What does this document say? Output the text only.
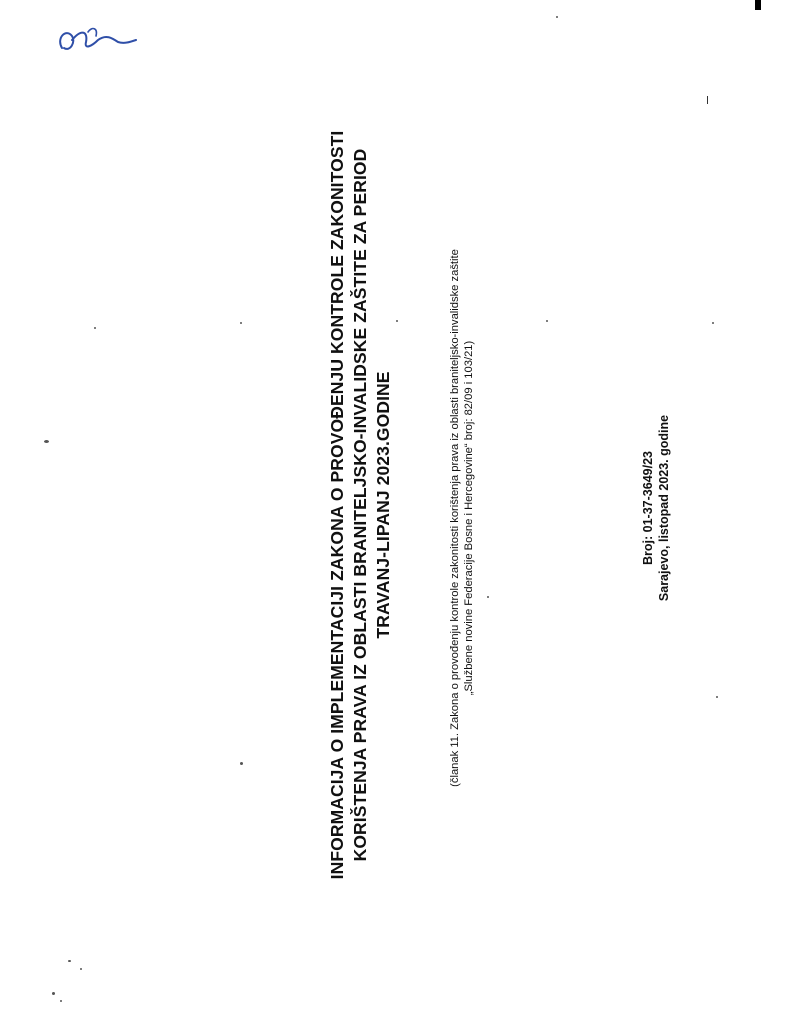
INFORMACIJA O IMPLEMENTACIJI ZAKONA O PROVOĐENJU KONTROLE ZAKONITOSTI KORIŠTENJA PRAVA IZ OBLASTI BRANITELJSKO-INVALIDSKE ZAŠTITE ZA PERIOD TRAVANJ-LIPANJ 2023.GODINE	(članak 11. Zakona o provođenju kontrole zakonitosti korištenja prava iz oblasti braniteljsko-invalidske zaštite „Službene novine Federacije Bosne i Hercegovine“ broj: 82/09 i 103/21)	Broj: 01-37-3649/23 Sarajevo, listopad 2023. godine
